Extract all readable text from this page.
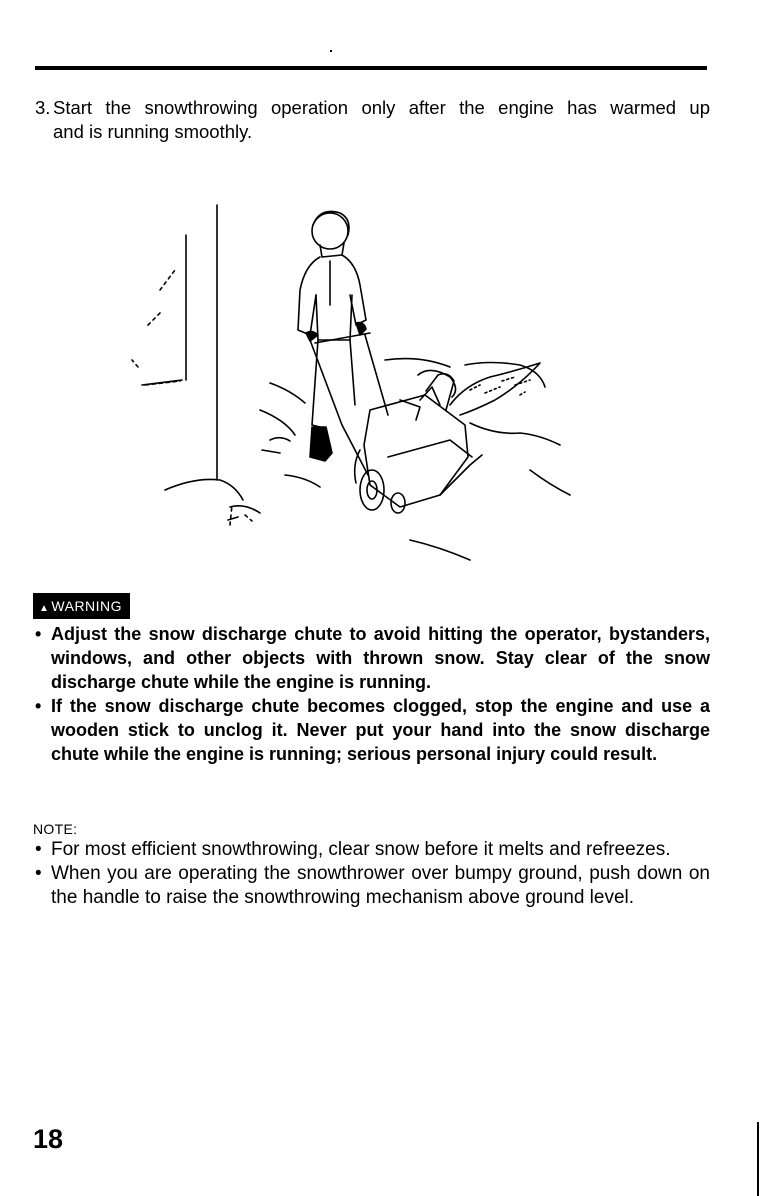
3. Start the snowthrowing operation only after the engine has warmed up
and is running smoothly.
▲ WARNING
• Adjust the snow discharge chute to avoid hitting the operator, bystanders, windows, and other objects with thrown snow. Stay clear of the snow discharge chute while the engine is running.
• If the snow discharge chute becomes clogged, stop the engine and use a wooden stick to unclog it. Never put your hand into the snow discharge chute while the engine is running; serious personal injury could result.
NOTE:
• For most efficient snowthrowing, clear snow before it melts and refreezes.
• When you are operating the snowthrower over bumpy ground, push down on the handle to raise the snowthrowing mechanism above ground level.
18
